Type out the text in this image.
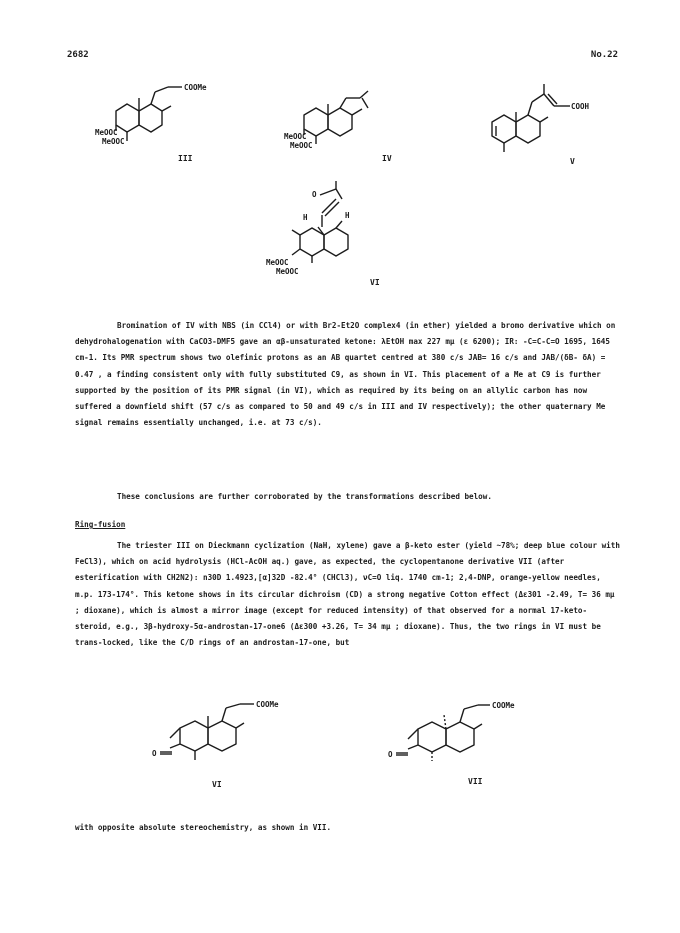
2682	No.22
COOMe
MeOOC
MeOOC
III
MeOOC
MeOOC
IV
COOH
V
O
H	H
MeOOC
MeOOC
VI

Bromination of IV with NBS (in CCl4) or with Br2-Et2O complex4 (in ether) yielded a bromo derivative which on dehydrohalogenation with CaCO3-DMF5 gave an αβ-unsaturated ketone: λEtOH max 227 mμ (ε 6200); IR: -C=C-C=O 1695, 1645 cm-1. Its PMR spectrum shows two olefinic protons as an AB quartet centred at 380 c/s JAB= 16 c/s and JAB/(δB- δA) = 0.47 , a finding consistent only with fully substituted C9, as shown in VI. This placement of a Me at C9 is further supported by the position of its PMR signal (in VI), which as required by its being on an allylic carbon has now suffered a downfield shift (57 c/s as compared to 50 and 49 c/s in III and IV respectively); the other quaternary Me signal remains essentially unchanged, i.e. at 73 c/s).

These conclusions are further corroborated by the transformations described below.

Ring-fusion

The triester III on Dieckmann cyclization (NaH, xylene) gave a β-keto ester (yield ~78%; deep blue colour with FeCl3), which on acid hydrolysis (HCl-AcOH aq.) gave, as expected, the cyclopentanone derivative VII (after esterification with CH2N2): n30D 1.4923,[α]32D -82.4° (CHCl3), νC=O liq. 1740 cm-1; 2,4-DNP, orange-yellow needles, m.p. 173-174°. This ketone shows in its circular dichroism (CD) a strong negative Cotton effect (Δε301 -2.49, T= 36 mμ ; dioxane), which is almost a mirror image (except for reduced intensity) of that observed for a normal 17-keto-steroid, e.g., 3β-hydroxy-5α-androstan-17-one6 (Δε300 +3.26, T= 34 mμ ; dioxane). Thus, the two rings in VI must be trans-locked, like the C/D rings of an androstan-17-one, but

O
COOMe
VI
O
COOMe
VII

with opposite absolute stereochemistry, as shown in VII.
